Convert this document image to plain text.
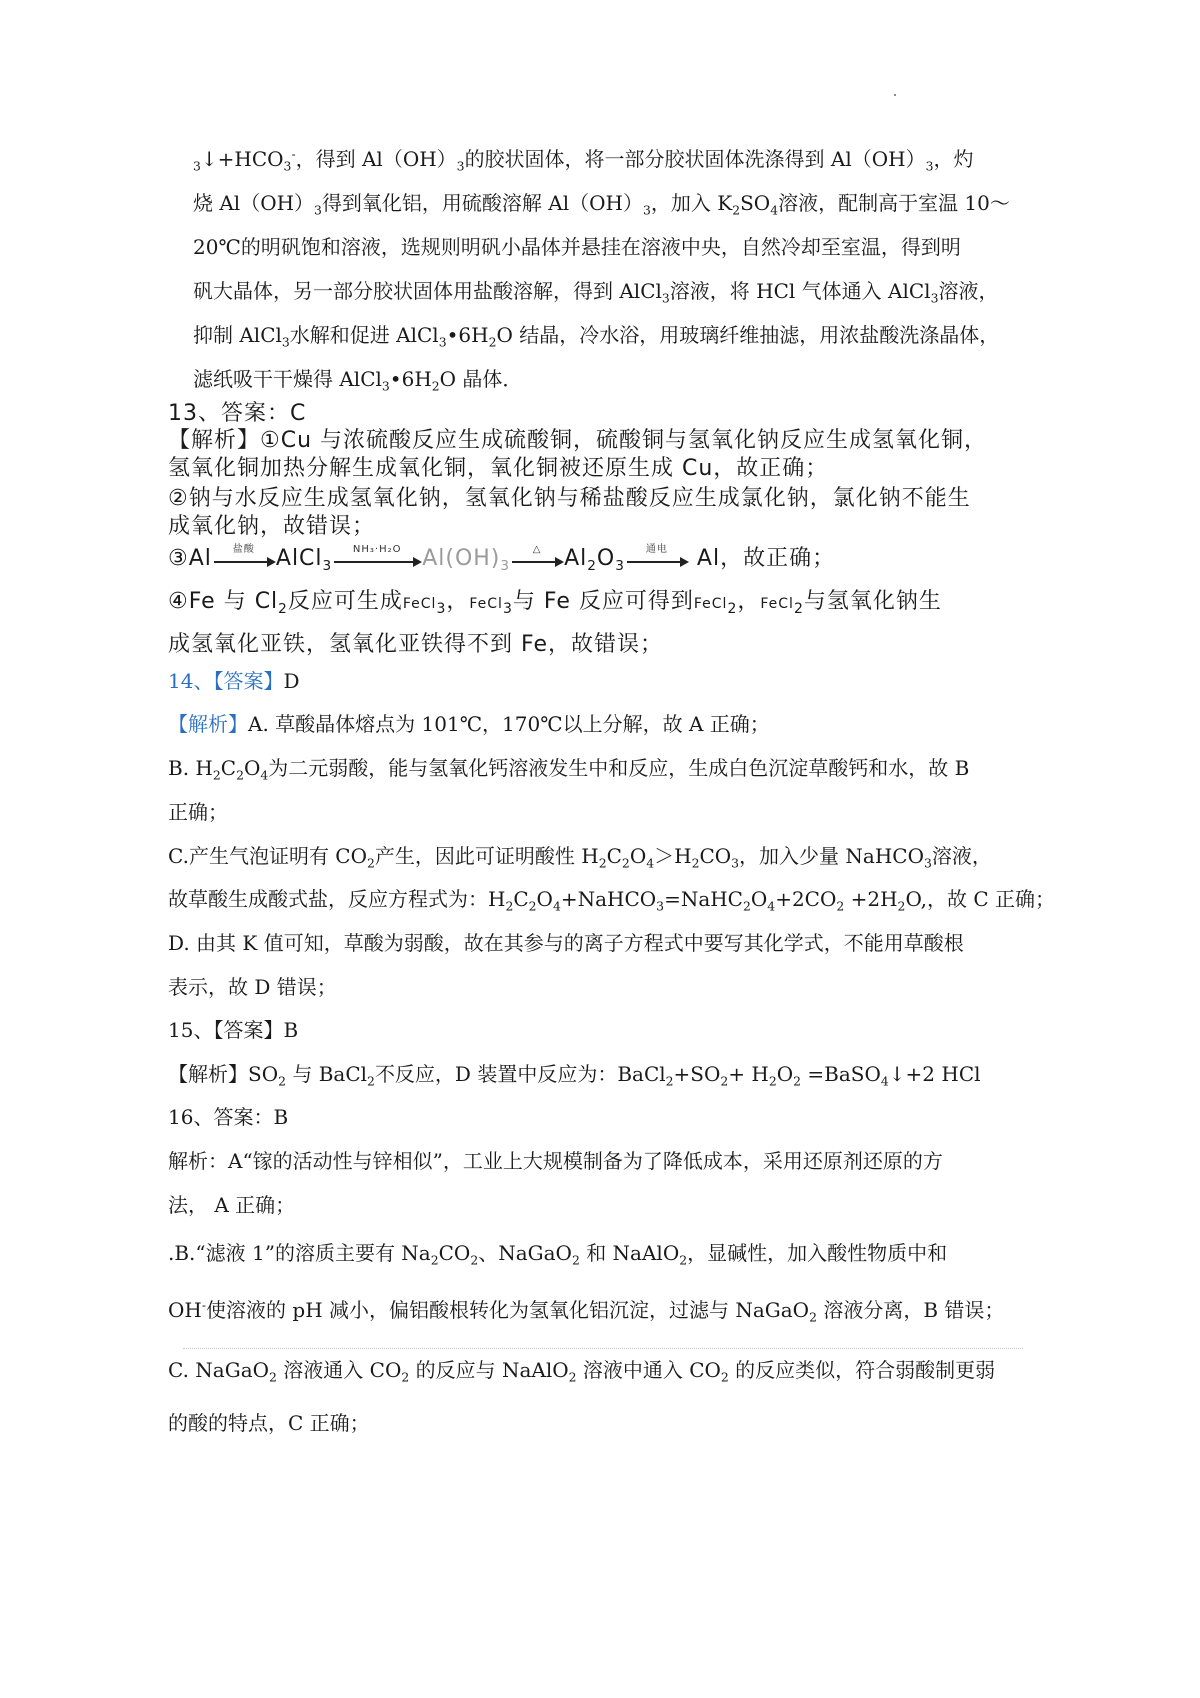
$_3↓+HCO_3^-$，得到 $Al(OH)_3$的胶状固体，将一部分胶状固体洗涤得到 $Al(OH)_3$，灼
烧 $Al(OH)_3$得到氧化铝，用硫酸溶解 $Al(OH)_3$，加入 $K_2SO_4$溶液，配制高于室温 10～
20℃的明矾饱和溶液，选规则明矾小晶体并悬挂在溶液中央，自然冷却至室温，得到明
矾大晶体，另一部分胶状固体用盐酸溶解，得到 AlCl$_3$溶液，将 HCl 气体通入 AlCl$_3$溶液，
抑制 AlCl$_3$水解和促进 $AlCl_3•6H_2O$ 结晶，冷水浴，用玻璃纤维抽滤，用浓盐酸洗涤晶体，
滤纸吸干干燥得 $AlCl_3•6H_2O$ 晶体．
13、答案：C
【解析】①Cu 与浓硫酸反应生成硫酸铜，硫酸铜与氢氧化钠反应生成氢氧化铜，
氢氧化铜加热分解生成氧化铜，氧化铜被还原生成 Cu，故正确；
②钠与水反应生成氢氧化钠，氢氧化钠与稀盐酸反应生成氯化钠，氯化钠不能生
成氧化钠，故错误；
③Al	盐酸 AlCl$_3$
NH₃·H₂O $Al(OH)_3$
△	$Al_2O_3$
通电	Al，故正确；
④Fe 与 $Cl_2$反应可生成FeCl$_3$，FeCl$_3$与 Fe 反应可得到FeCl$_2$，FeCl$_2$与氢氧化钠生
成氢氧化亚铁，氢氧化亚铁得不到 Fe，故错误；
14、【答案】D
【解析】A. 草酸晶体熔点为 101℃，170℃以上分解，故 A 正确；
B. $H_2C_2O_4$为二元弱酸，能与氢氧化钙溶液发生中和反应，生成白色沉淀草酸钙和水，故 B
正确；
C.产生气泡证明有 $CO_2$产生，因此可证明酸性 $H_2C_2O_4>H_2CO_3$，加入少量 NaHCO$_3$溶液，
故草酸生成酸式盐，反应方程式为：$H_2C_2O_4+NaHCO_3=NaHC_2O_4+2CO_2 +2H_2O$,，故 C 正确；
D. 由其 K 值可知，草酸为弱酸，故在其参与的离子方程式中要写其化学式，不能用草酸根
表示，故 D 错误；
15、【答案】B
【解析】$SO_2$ 与 BaCl$_2$不反应，D 装置中反应为：$BaCl_2+SO_2+ H_2O_2$ =BaSO$_4$↓+2 HCl
16、答案：B
解析：A“镓的活动性与锌相似”，工业上大规模制备为了降低成本，采用还原剂还原的方
法， A 正确；
.B.“滤液 1”的溶质主要有 $Na_2CO_2$、NaGaO$_2$ 和 NaAlO$_2$，显碱性，加入酸性物质中和
OH-使溶液的 pH 减小，偏铝酸根转化为氢氧化铝沉淀，过滤与 NaGaO$_2$ 溶液分离，B 错误；
C. NaGaO$_2$ 溶液通入 $CO_2$ 的反应与 NaAlO$_2$ 溶液中通入 $CO_2$ 的反应类似，符合弱酸制更弱
的酸的特点，C 正确；
